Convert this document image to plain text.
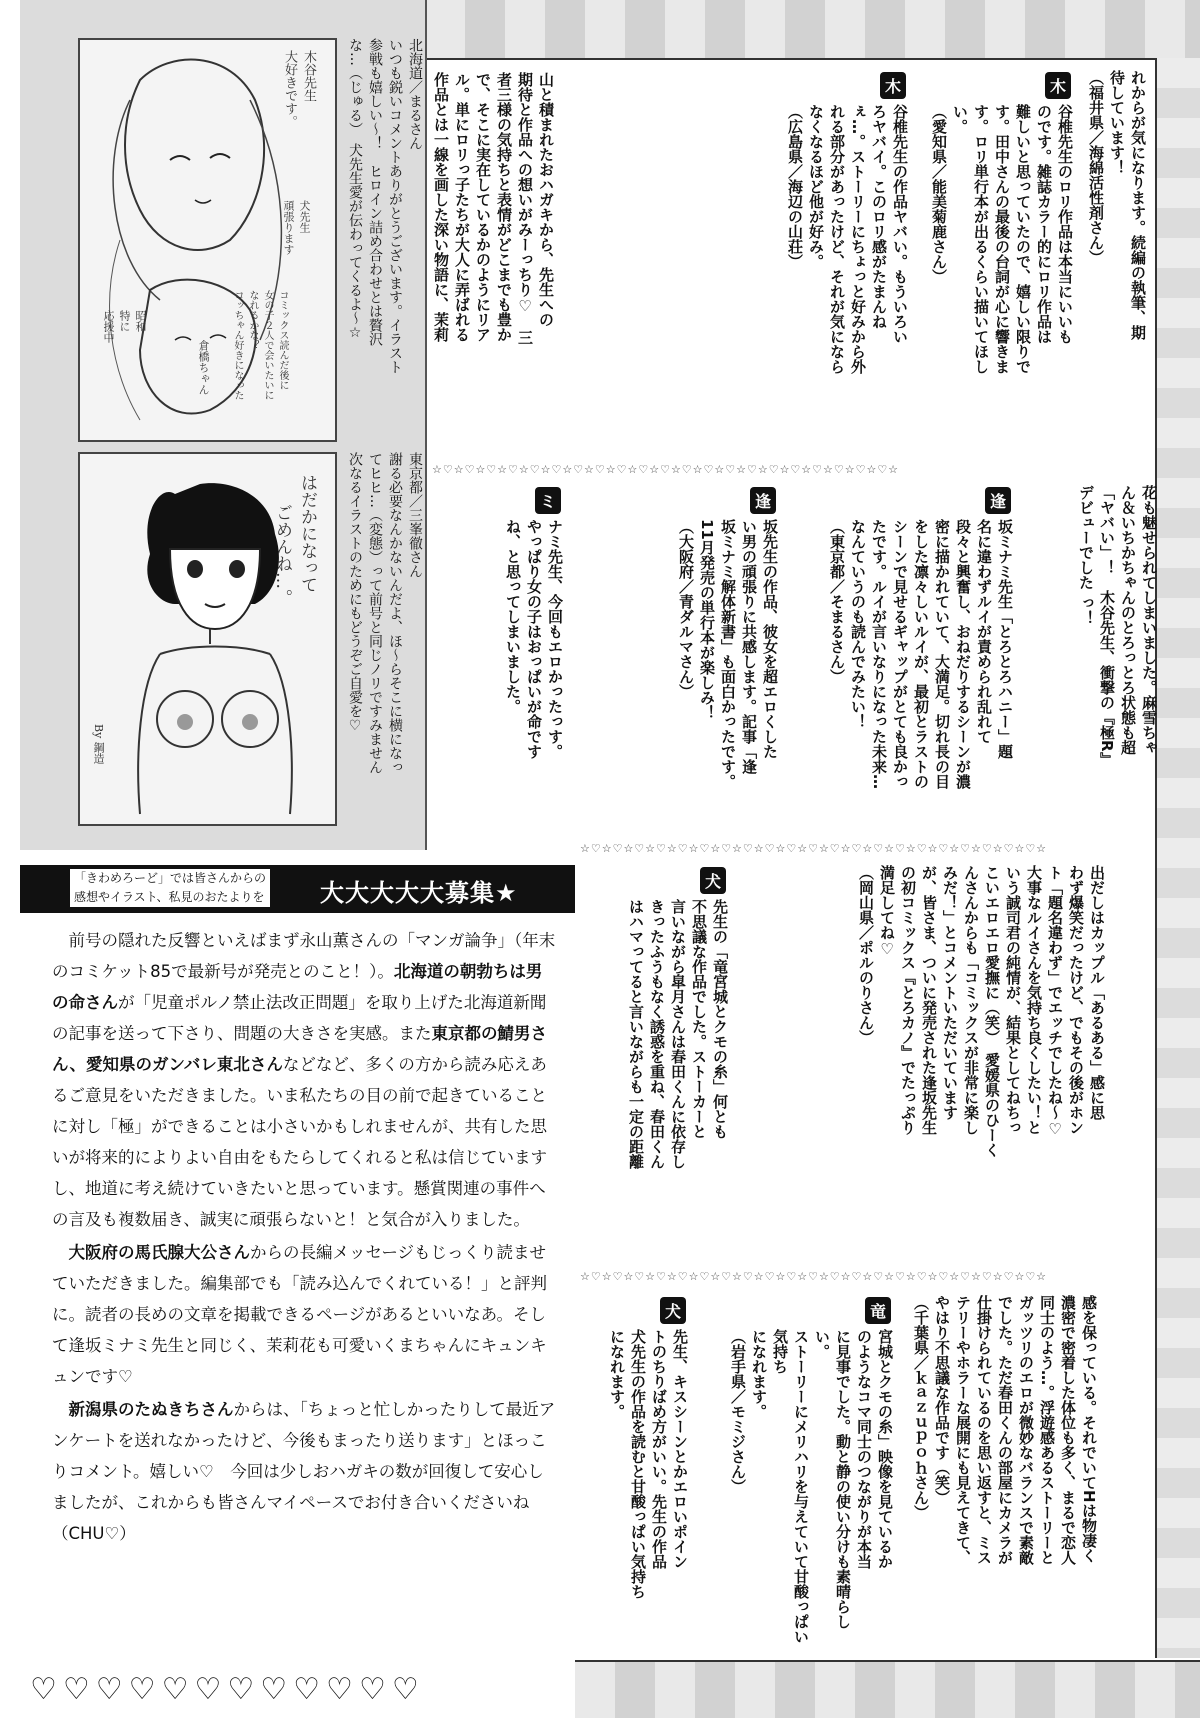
木谷先生
大好きです。
犬先生
頑張ります
コミックス読んだ後に
女の子２人で会いたいに
なれるかな？
コッちゃん好きになった
倉橋ちゃん
昭和
特に
応援中
はだかになって
ごめんね…。
By 鋼造
北海道／まるさん
いつも鋭いコメントありがとうございます。イラスト
参戦も嬉しい〜！　ヒロイン詰め合わせとは贅沢
な…（じゅる）　犬先生愛が伝わってくるよ〜☆
東京都／三峯徹さん
謝る必要なんかないんだよ、ほ〜らそこに横になっ
てヒヒ…（変態）って前号と同じノリですみません
次なるイラストのためにもどうぞご自愛を♡
れからが気になります。続編の執筆、期
待しています！
（福井県／海綿活性剤さん）
木
谷椎先生のロリ作品は本当にいいも
のです。雑誌カラー的にロリ作品は
難しいと思っていたので、嬉しい限りで
す。田中さんの最後の台詞が心に響きま
す。ロリ単行本が出るくらい描いてほし
い。
（愛知県／能美菊鹿さん）
木
谷椎先生の作品ヤバい。もういろい
ろヤバイ。このロリ感がたまんね
ぇ…。ストーリーにちょっと好みから外
れる部分があったけど、それが気になら
なくなるほど他が好み。
（広島県／海辺の山荘）
山と積まれたおハガキから、先生への
期待と作品への想いがみーっちり♡　三
者三様の気持ちと表情がどこまでも豊か
で、そこに実在しているかのようにリア
ル。単にロリっ子たちが大人に弄ばれる
作品とは一線を画した深い物語に、茉莉
☆♡☆♡☆♡☆♡☆♡☆♡☆♡☆♡☆♡☆♡☆♡☆♡☆♡☆♡☆♡☆♡☆♡☆♡☆♡☆♡☆♡☆
花も魅せられてしまいました。麻雪ちゃ
ん＆いちかちゃんのとろっとろ状態も超
「ヤバい」！　木谷先生、衝撃の『極R』
デビューでした っ！
逢
坂ミナミ先生「とろとろハニー」題
名に違わずルイが責められ乱れて
段々と興奮し、おねだりするシーンが濃
密に描かれていて、大満足。切れ長の目
をした凛々しいルイが、最初とラストの
シーンで見せるギャップがとても良かっ
たです。ルイが言いなりになった未来…
なんていうのも読んでみたい！
（東京都／そまるさん）
逢
坂先生の作品、彼女を超エロくした
い男の頑張りに共感します。記事「逢
坂ミナミ解体新書」も面白かったです。
11月発売の単行本が楽しみ！
（大阪府／青ダルマさん）
ミ
ナミ先生、今回もエロかったっす。
やっぱり女の子はおっぱいが命です
ね、と思ってしまいました。
☆♡☆♡☆♡☆♡☆♡☆♡☆♡☆♡☆♡☆♡☆♡☆♡☆♡☆♡☆♡☆♡☆♡☆♡☆♡☆♡☆♡☆
出だしはカップル「あるある」感に思
わず爆笑だったけど、でもその後がホン
ト「題名違わず」でエッチでしたね〜♡
大事なルイさんを気持ち良くしたい！と
いう誠司君の純情が、結果としてねちっ
こいエロエロ愛撫に（笑）　愛媛県のひーく
んさんからも「コミックスが非常に楽し
みだ！」とコメントいただいています
が、皆さま、ついに発売された逢坂先生
の初コミックス『とろカノ』でたっぷり
満足してね♡
（岡山県／ポルのりさん）
犬
先生の「竜宮城とクモの糸」何とも
不思議な作品でした。ストーカーと
言いながら皐月さんは春田くんに依存し
きったふうもなく誘惑を重ね、春田くん
はハマってると言いながらも一定の距離
☆♡☆♡☆♡☆♡☆♡☆♡☆♡☆♡☆♡☆♡☆♡☆♡☆♡☆♡☆♡☆♡☆♡☆♡☆♡☆♡☆♡☆
感を保っている。それでいてHは物凄く
濃密で密着した体位も多く、まるで恋人
同士のよう…。浮遊感あるストーリーと
ガッツリのエロが微妙なバランスで素敵
でした。ただ春田くんの部屋にカメラが
仕掛けられているのを思い返すと、ミス
テリーやホラーな展開にも見えてきて、
やはり不思議な作品です（笑）
（千葉県／ｋａｚｕｐｏｈさん）
竜
宮城とクモの糸」映像を見ているか
のようなコマ同士のつながりが本当
に見事でした。動と静の使い分けも素晴らしい。
ストーリーにメリハリを与えていて甘酸っぱい気持ち
になれます。
（岩手県／モミジさん）
犬
先生、キスシーンとかエロいポイン
トのちりばめ方がいい。先生の作品
犬先生の作品を読むと甘酸っぱい気持ち
になれます。
「きわめろーど」では皆さんからの
感想やイラスト、私見のおたよりを 大大大大大募集★

前号の隠れた反響といえばまず永山薫さんの「マンガ論争」（年末のコミケット85で最新号が発売とのこと！）。北海道の朝勃ちは男の命さんが「児童ポルノ禁止法改正問題」を取り上げた北海道新聞の記事を送って下さり、問題の大きさを実感。また東京都の鯖男さん、愛知県のガンバレ東北さんなどなど、多くの方から読み応えあるご意見をいただきました。いま私たちの目の前で起きていることに対し「極」ができることは小さいかもしれませんが、共有した思いが将来的によりよい自由をもたらしてくれると私は信じていますし、地道に考え続けていきたいと思っています。懸賞関連の事件への言及も複数届き、誠実に頑張らないと！と気合が入りました。

大阪府の馬氏腺大公さんからの長編メッセージもじっくり読ませていただきました。編集部でも「読み込んでくれている！」と評判に。読者の長めの文章を掲載できるページがあるといいなあ。そして逢坂ミナミ先生と同じく、茉莉花も可愛いくまちゃんにキュンキュンです♡

新潟県のたぬきちさんからは、「ちょっと忙しかったりして最近アンケートを送れなかったけど、今後もまったり送ります」とほっこりコメント。嬉しい♡　今回は少しおハガキの数が回復して安心しましたが、これからも皆さんマイペースでお付き合いくださいね（CHU♡）

♡♡♡♡♡♡♡♡♡♡♡♡
